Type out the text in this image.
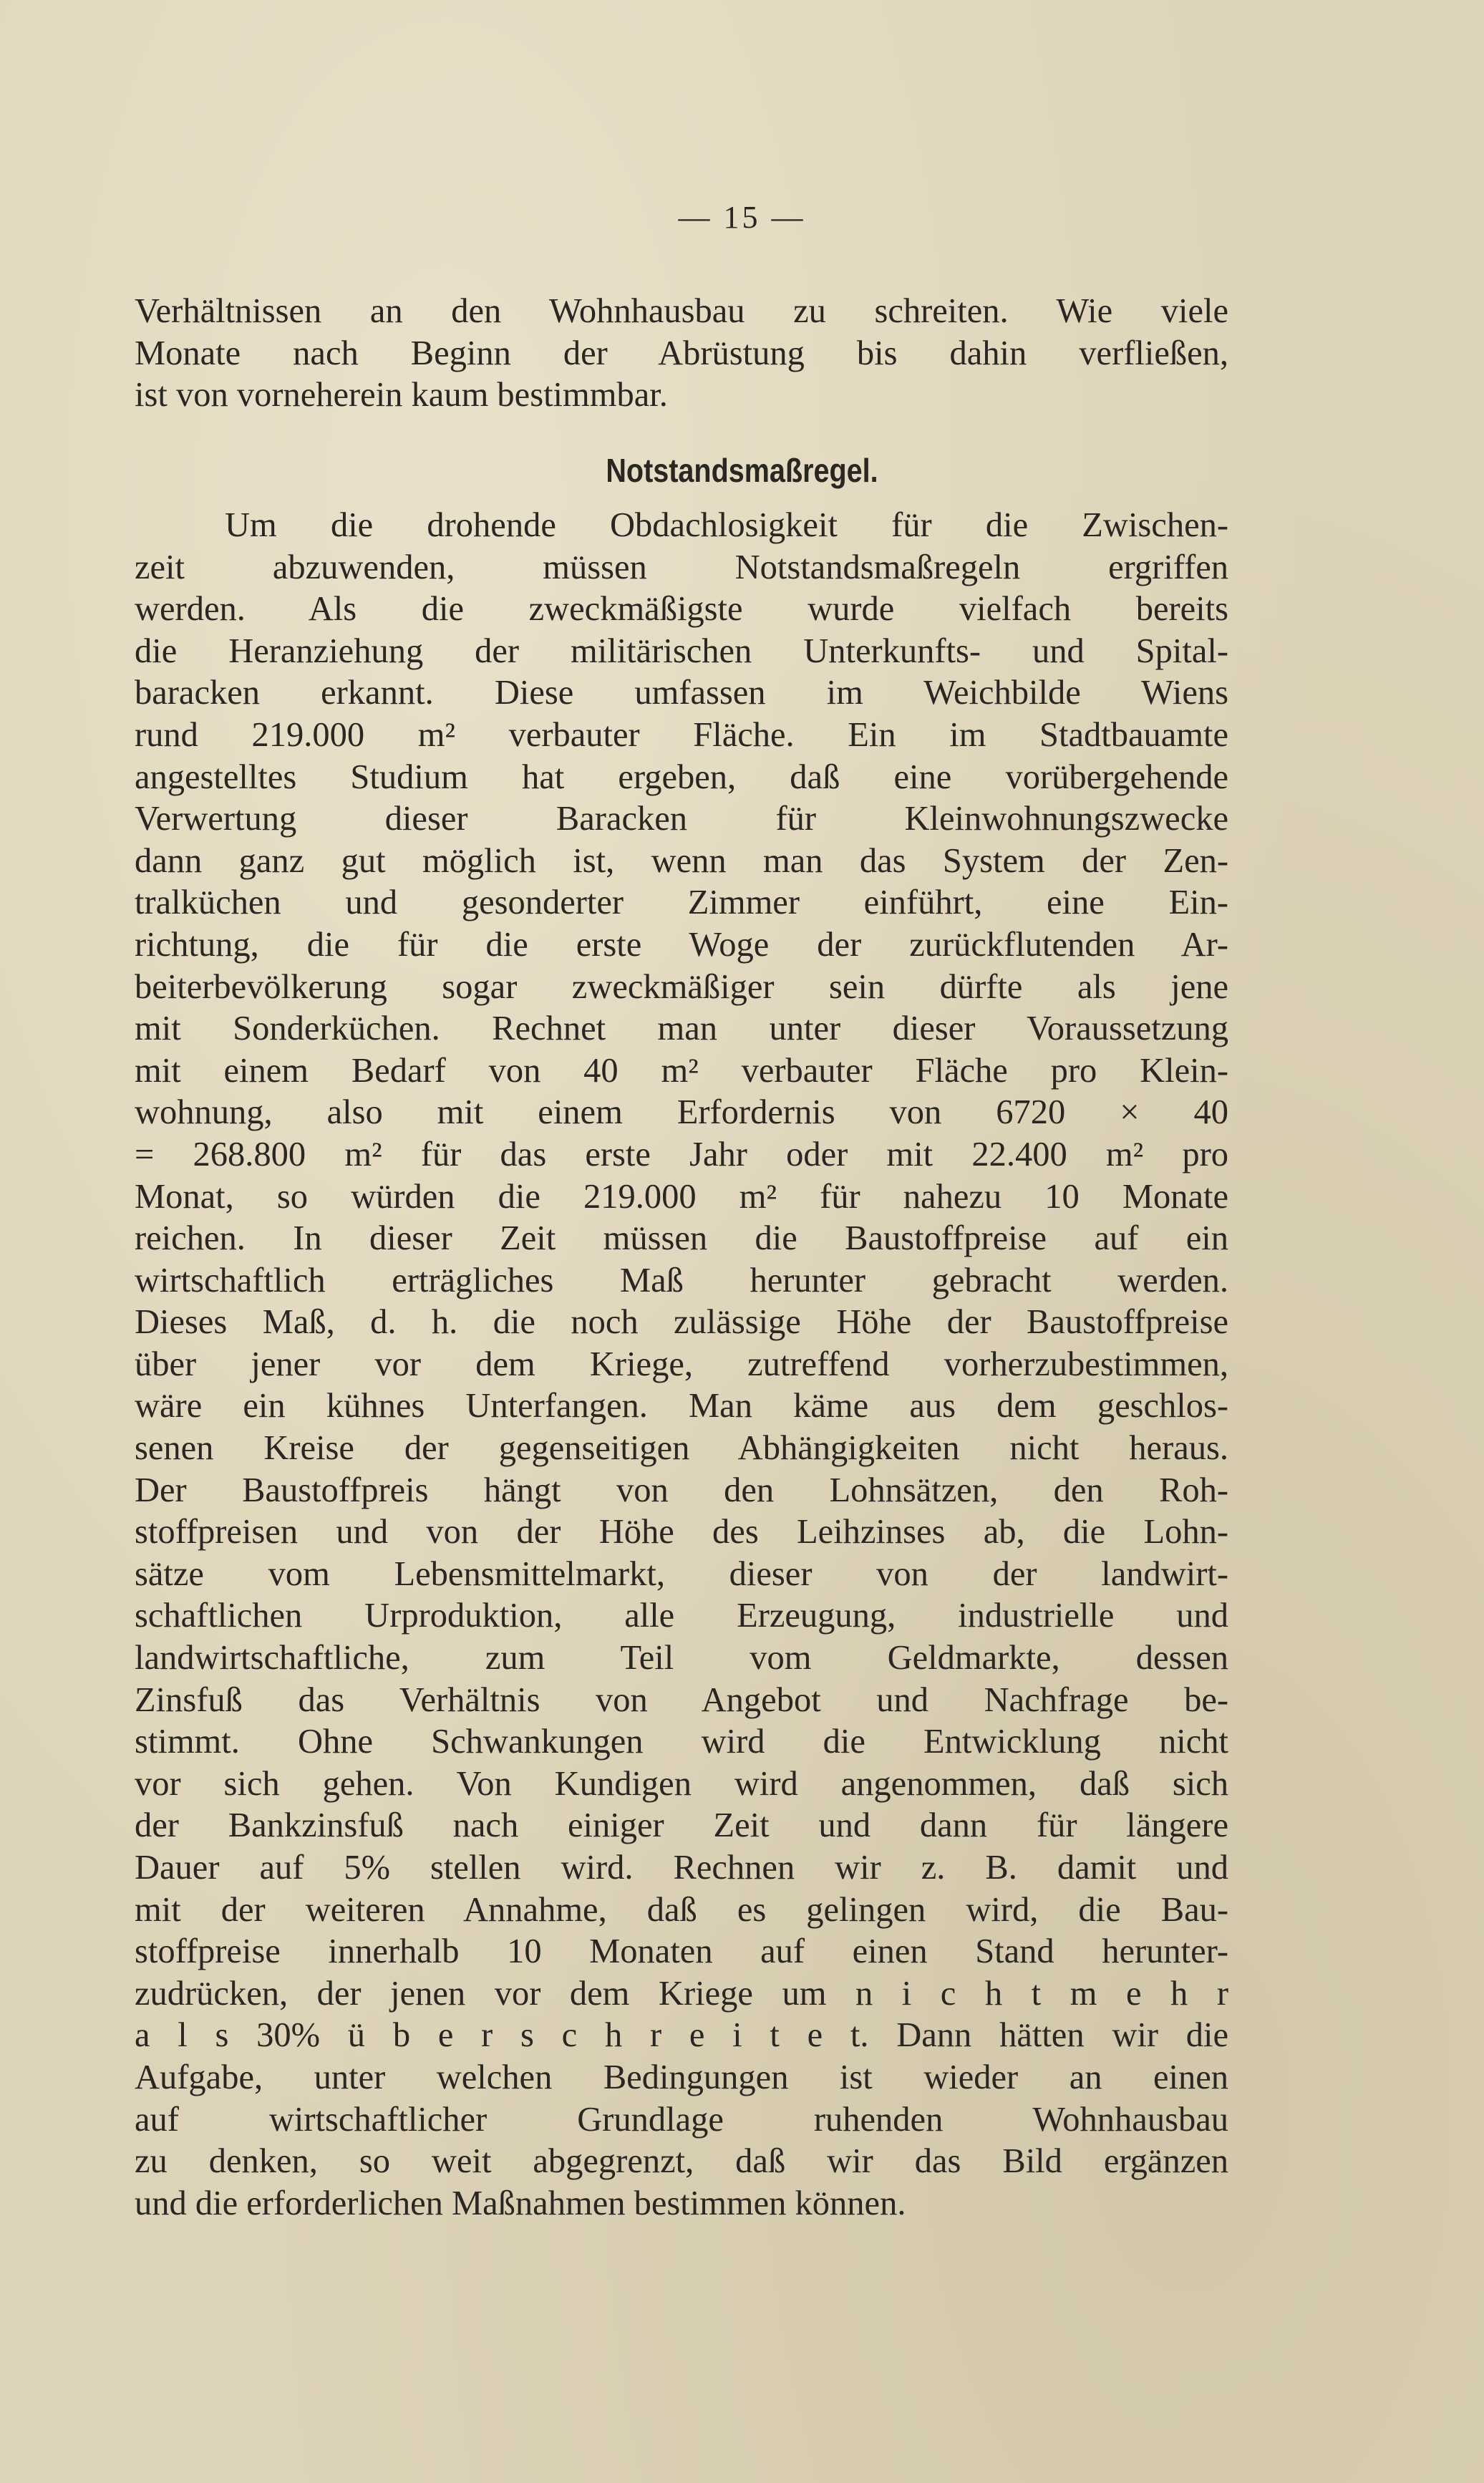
— 15 —
Verhältnissen an den Wohnhausbau zu schreiten. Wie viele
Monate nach Beginn der Abrüstung bis dahin verfließen,
ist von vorneherein kaum bestimmbar.
Notstandsmaßregel.
Um die drohende Obdachlosigkeit für die Zwischen-
zeit abzuwenden, müssen Notstandsmaßregeln ergriffen
werden. Als die zweckmäßigste wurde vielfach bereits
die Heranziehung der militärischen Unterkunfts- und Spital-
baracken erkannt. Diese umfassen im Weichbilde Wiens
rund 219.000 m² verbauter Fläche. Ein im Stadtbauamte
angestelltes Studium hat ergeben, daß eine vorübergehende
Verwertung dieser Baracken für Kleinwohnungszwecke
dann ganz gut möglich ist, wenn man das System der Zen-
tralküchen und gesonderter Zimmer einführt, eine Ein-
richtung, die für die erste Woge der zurückflutenden Ar-
beiterbevölkerung sogar zweckmäßiger sein dürfte als jene
mit Sonderküchen. Rechnet man unter dieser Voraussetzung
mit einem Bedarf von 40 m² verbauter Fläche pro Klein-
wohnung, also mit einem Erfordernis von 6720 × 40
= 268.800 m² für das erste Jahr oder mit 22.400 m² pro
Monat, so würden die 219.000 m² für nahezu 10 Monate
reichen. In dieser Zeit müssen die Baustoffpreise auf ein
wirtschaftlich erträgliches Maß herunter gebracht werden.
Dieses Maß, d. h. die noch zulässige Höhe der Baustoffpreise
über jener vor dem Kriege, zutreffend vorherzubestimmen,
wäre ein kühnes Unterfangen. Man käme aus dem geschlos-
senen Kreise der gegenseitigen Abhängigkeiten nicht heraus.
Der Baustoffpreis hängt von den Lohnsätzen, den Roh-
stoffpreisen und von der Höhe des Leihzinses ab, die Lohn-
sätze vom Lebensmittelmarkt, dieser von der landwirt-
schaftlichen Urproduktion, alle Erzeugung, industrielle und
landwirtschaftliche, zum Teil vom Geldmarkte, dessen
Zinsfuß das Verhältnis von Angebot und Nachfrage be-
stimmt. Ohne Schwankungen wird die Entwicklung nicht
vor sich gehen. Von Kundigen wird angenommen, daß sich
der Bankzinsfuß nach einiger Zeit und dann für längere
Dauer auf 5% stellen wird. Rechnen wir z. B. damit und
mit der weiteren Annahme, daß es gelingen wird, die Bau-
stoffpreise innerhalb 10 Monaten auf einen Stand herunter-
zudrücken, der jenen vor dem Kriege um n i c h t m e h r
a l s 30% ü b e r s c h r e i t e t. Dann hätten wir die
Aufgabe, unter welchen Bedingungen ist wieder an einen
auf wirtschaftlicher Grundlage ruhenden Wohnhausbau
zu denken, so weit abgegrenzt, daß wir das Bild ergänzen
und die erforderlichen Maßnahmen bestimmen können.
